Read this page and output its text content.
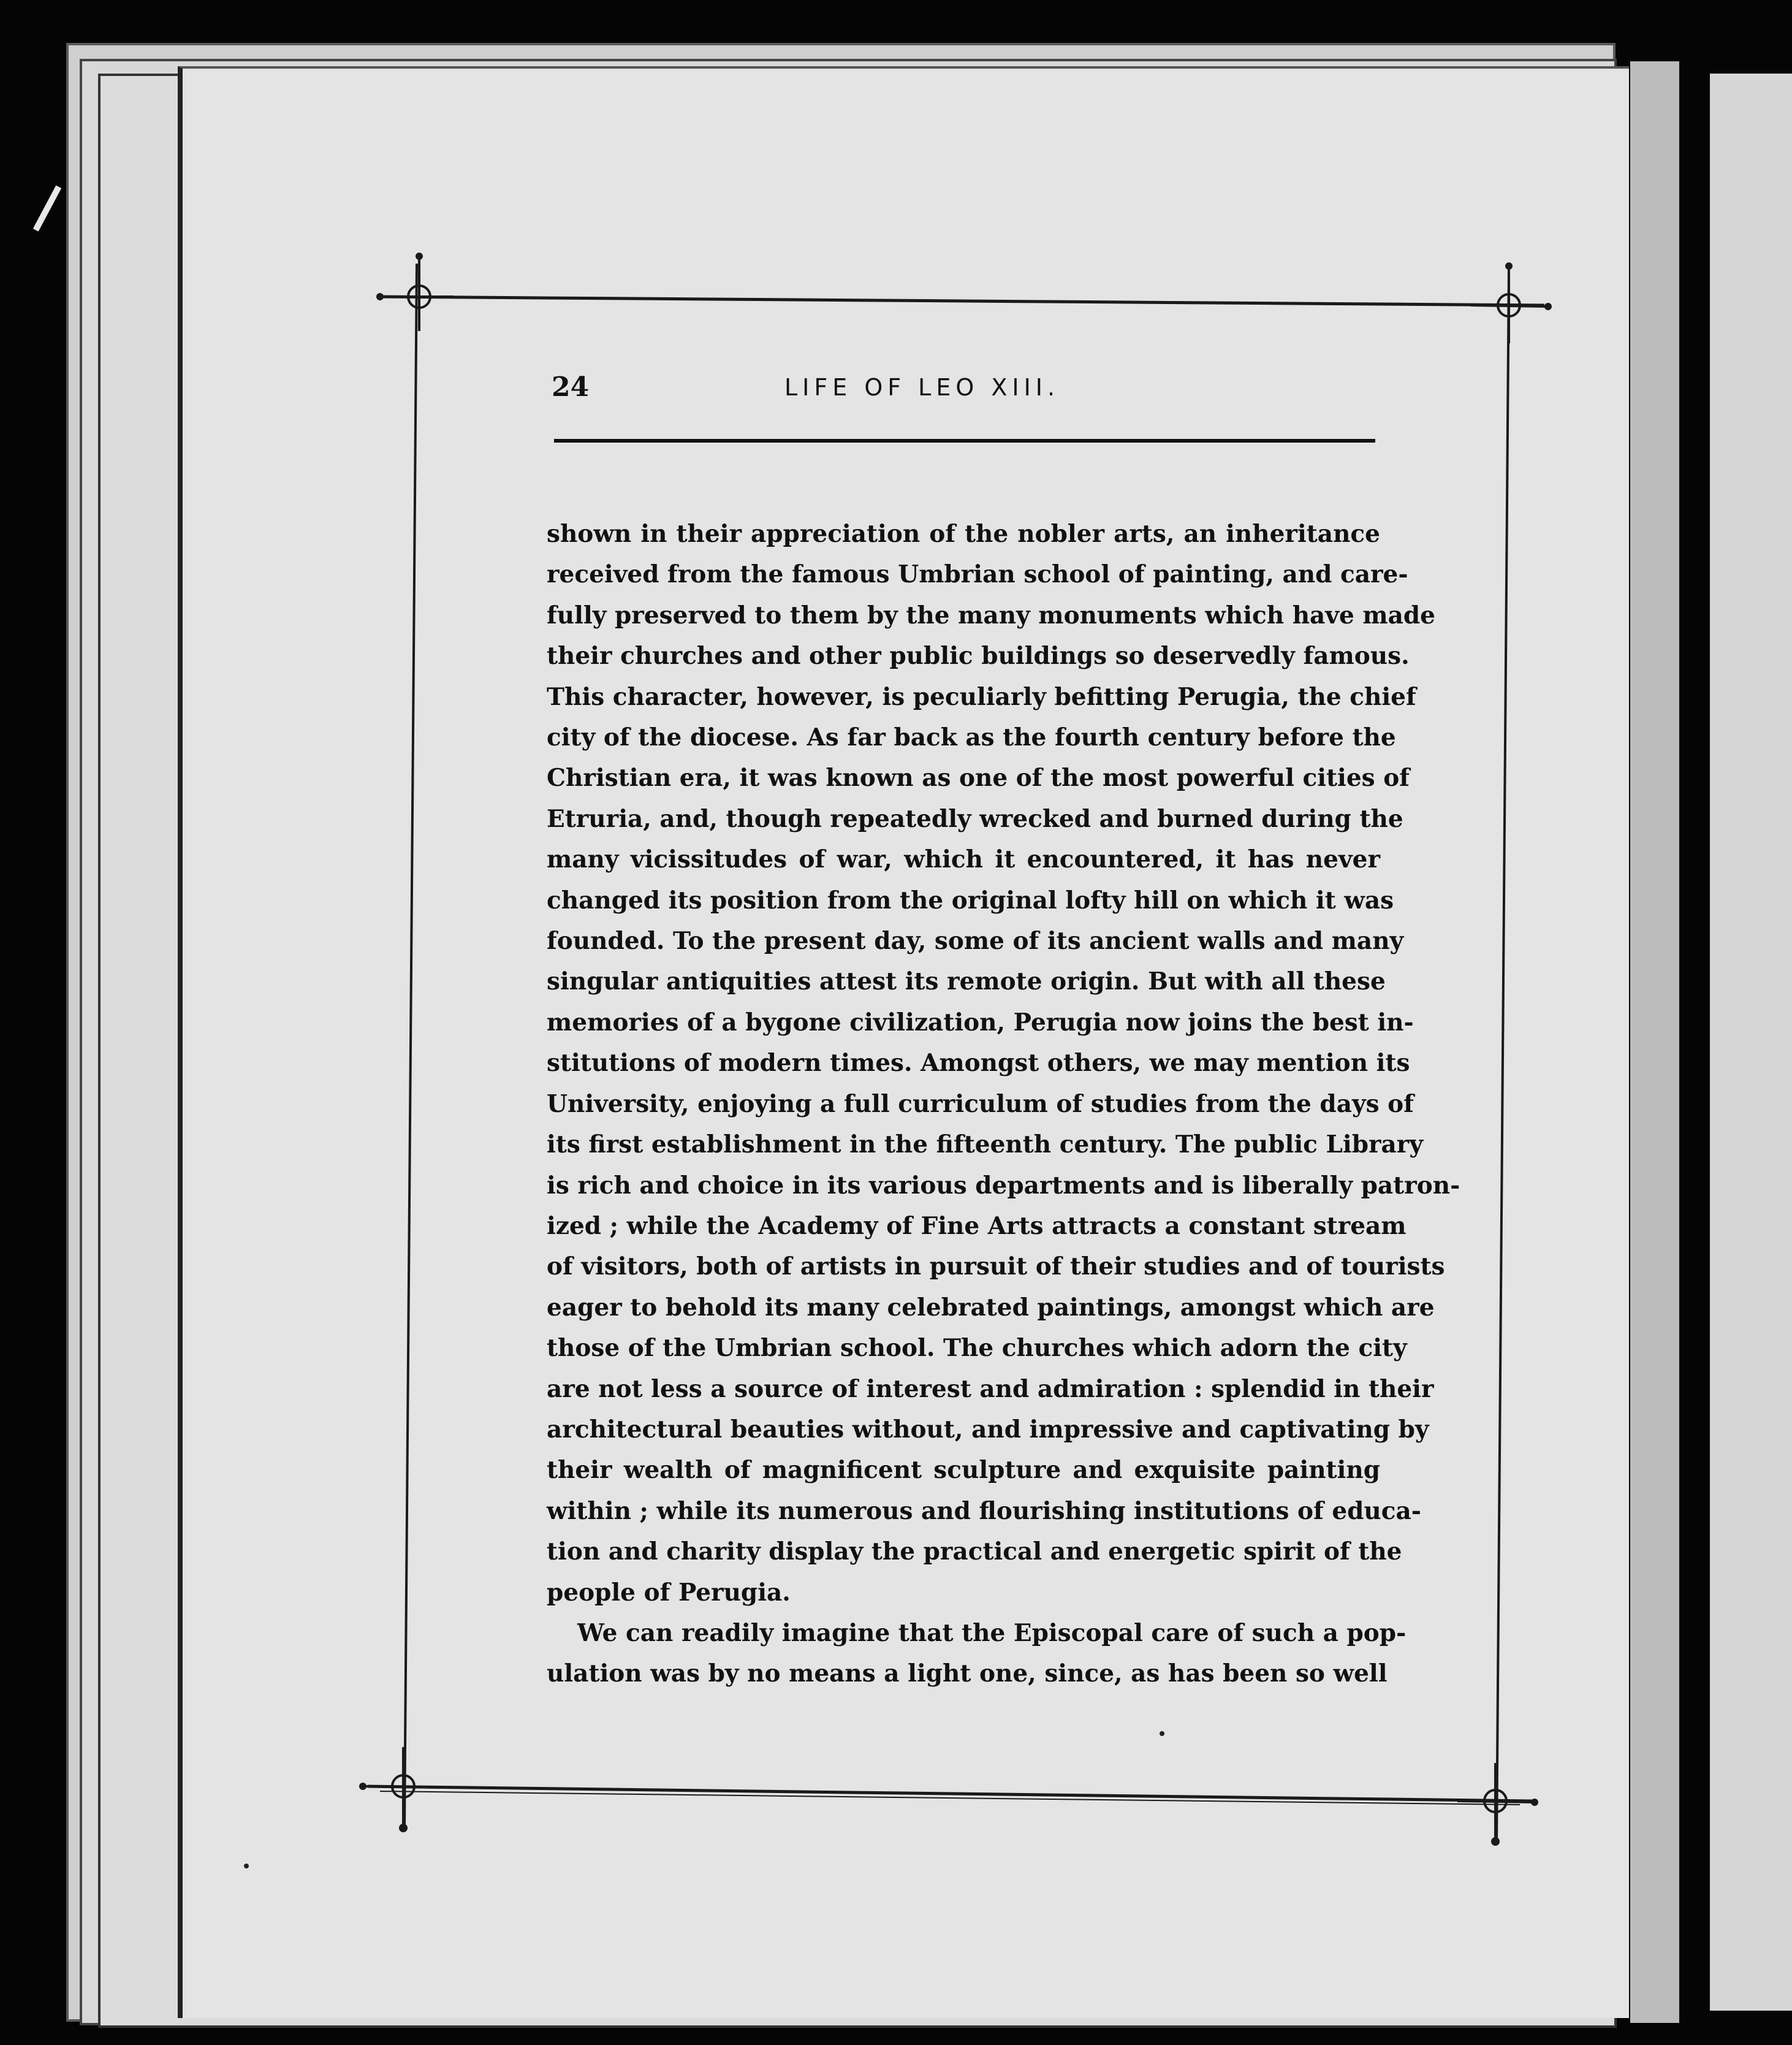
24	LIFE OF LEO XIII.
shown in their appreciation of the nobler arts, an inheritance
received from the famous Umbrian school of painting, and care-
fully preserved to them by the many monuments which have made
their churches and other public buildings so deservedly famous.
This character, however, is peculiarly befitting Perugia, the chief
city of the diocese. As far back as the fourth century before the
Christian era, it was known as one of the most powerful cities of
Etruria, and, though repeatedly wrecked and burned during the
many vicissitudes of war, which it encountered, it has never
changed its position from the original lofty hill on which it was
founded. To the present day, some of its ancient walls and many
singular antiquities attest its remote origin. But with all these
memories of a bygone civilization, Perugia now joins the best in-
stitutions of modern times. Amongst others, we may mention its
University, enjoying a full curriculum of studies from the days of
its first establishment in the fifteenth century. The public Library
is rich and choice in its various departments and is liberally patron-
ized ; while the Academy of Fine Arts attracts a constant stream
of visitors, both of artists in pursuit of their studies and of tourists
eager to behold its many celebrated paintings, amongst which are
those of the Umbrian school. The churches which adorn the city
are not less a source of interest and admiration : splendid in their
architectural beauties without, and impressive and captivating by
their wealth of magnificent sculpture and exquisite painting
within ; while its numerous and flourishing institutions of educa-
tion and charity display the practical and energetic spirit of the
people of Perugia.
We can readily imagine that the Episcopal care of such a pop-
ulation was by no means a light one, since, as has been so well
